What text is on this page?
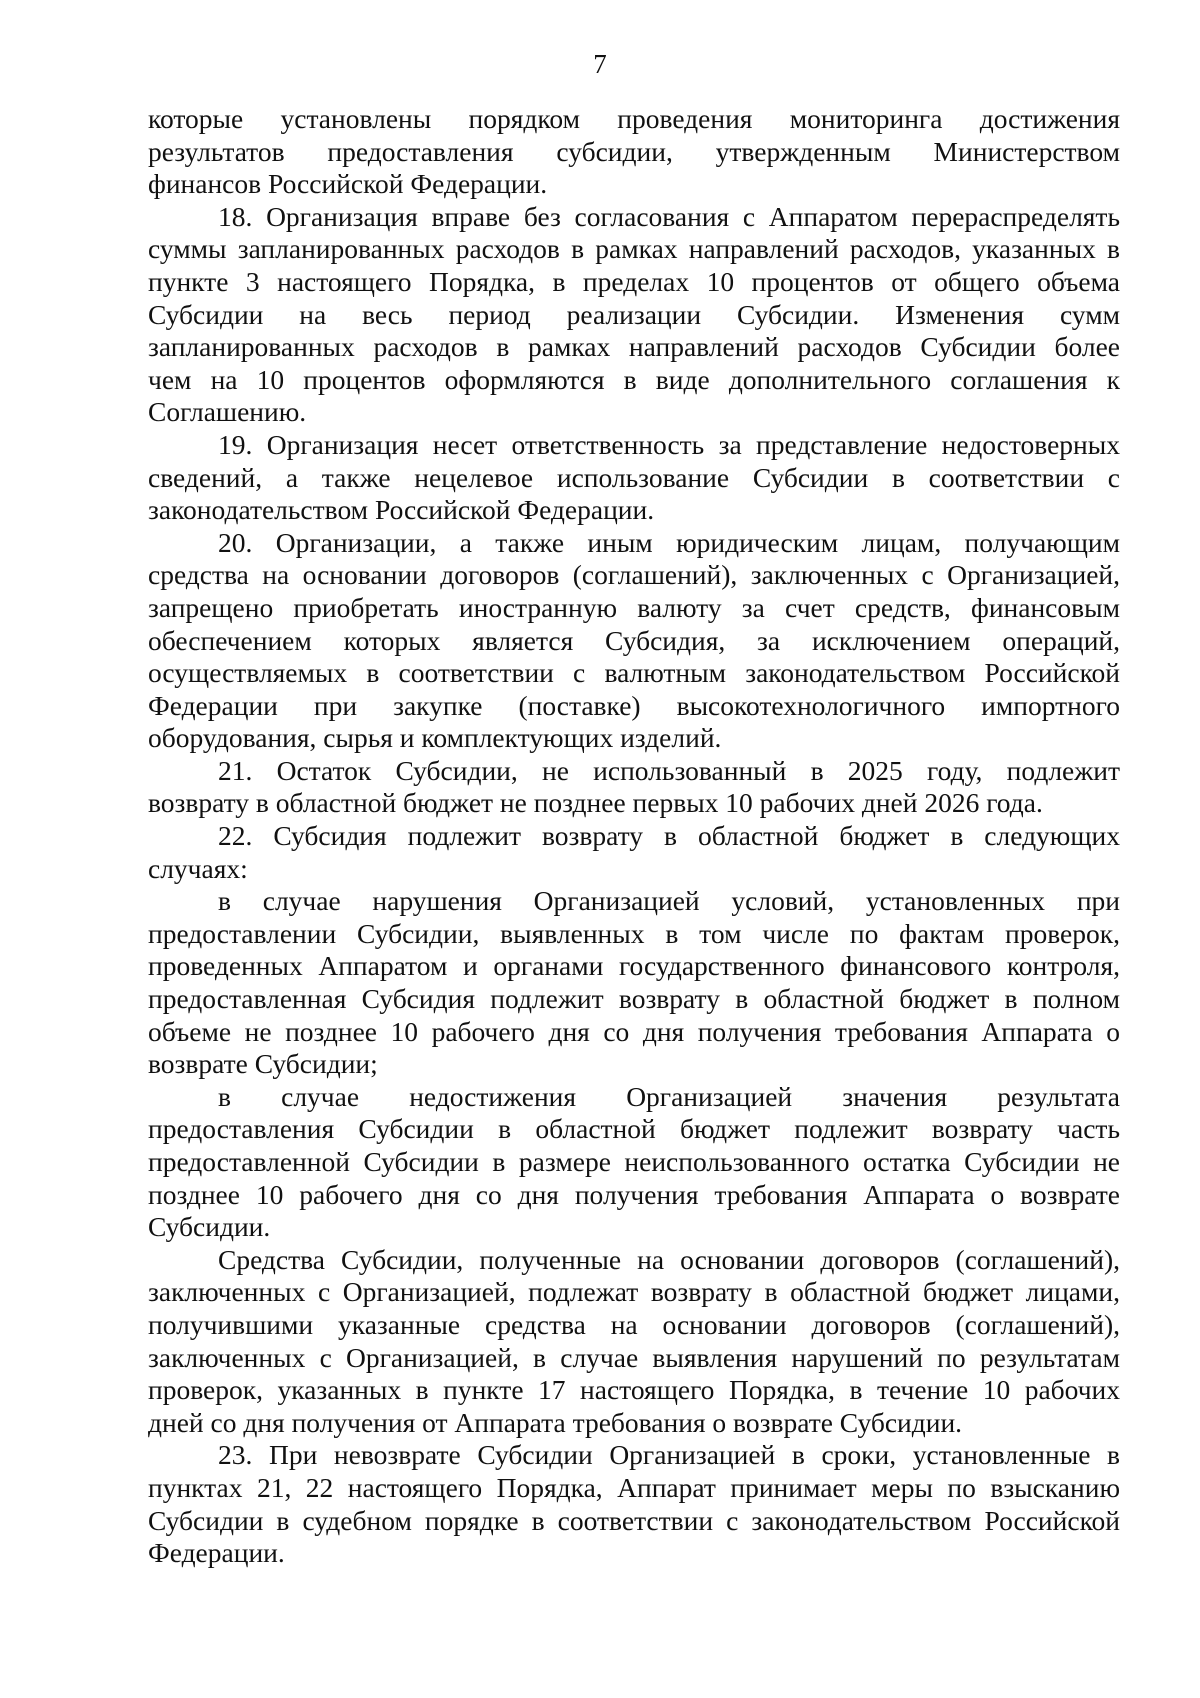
7
которые установлены порядком проведения мониторинга достижения
результатов предоставления субсидии, утвержденным Министерством
финансов Российской Федерации.
18. Организация вправе без согласования с Аппаратом перераспределять
суммы запланированных расходов в рамках направлений расходов, указанных в
пункте 3 настоящего Порядка, в пределах 10 процентов от общего объема
Субсидии на весь период реализации Субсидии. Изменения сумм
запланированных расходов в рамках направлений расходов Субсидии более
чем на 10 процентов оформляются в виде дополнительного соглашения к
Соглашению.
19. Организация несет ответственность за представление недостоверных
сведений, а также нецелевое использование Субсидии в соответствии с
законодательством Российской Федерации.
20. Организации, а также иным юридическим лицам, получающим
средства на основании договоров (соглашений), заключенных с Организацией,
запрещено приобретать иностранную валюту за счет средств, финансовым
обеспечением которых является Субсидия, за исключением операций,
осуществляемых в соответствии с валютным законодательством Российской
Федерации при закупке (поставке) высокотехнологичного импортного
оборудования, сырья и комплектующих изделий.
21. Остаток Субсидии, не использованный в 2025 году, подлежит
возврату в областной бюджет не позднее первых 10 рабочих дней 2026 года.
22. Субсидия подлежит возврату в областной бюджет в следующих
случаях:
в случае нарушения Организацией условий, установленных при
предоставлении Субсидии, выявленных в том числе по фактам проверок,
проведенных Аппаратом и органами государственного финансового контроля,
предоставленная Субсидия подлежит возврату в областной бюджет в полном
объеме не позднее 10 рабочего дня со дня получения требования Аппарата о
возврате Субсидии;
в случае недостижения Организацией значения результата
предоставления Субсидии в областной бюджет подлежит возврату часть
предоставленной Субсидии в размере неиспользованного остатка Субсидии не
позднее 10 рабочего дня со дня получения требования Аппарата о возврате
Субсидии.
Средства Субсидии, полученные на основании договоров (соглашений),
заключенных с Организацией, подлежат возврату в областной бюджет лицами,
получившими указанные средства на основании договоров (соглашений),
заключенных с Организацией, в случае выявления нарушений по результатам
проверок, указанных в пункте 17 настоящего Порядка, в течение 10 рабочих
дней со дня получения от Аппарата требования о возврате Субсидии.
23. При невозврате Субсидии Организацией в сроки, установленные в
пунктах 21, 22 настоящего Порядка, Аппарат принимает меры по взысканию
Субсидии в судебном порядке в соответствии с законодательством Российской
Федерации.
